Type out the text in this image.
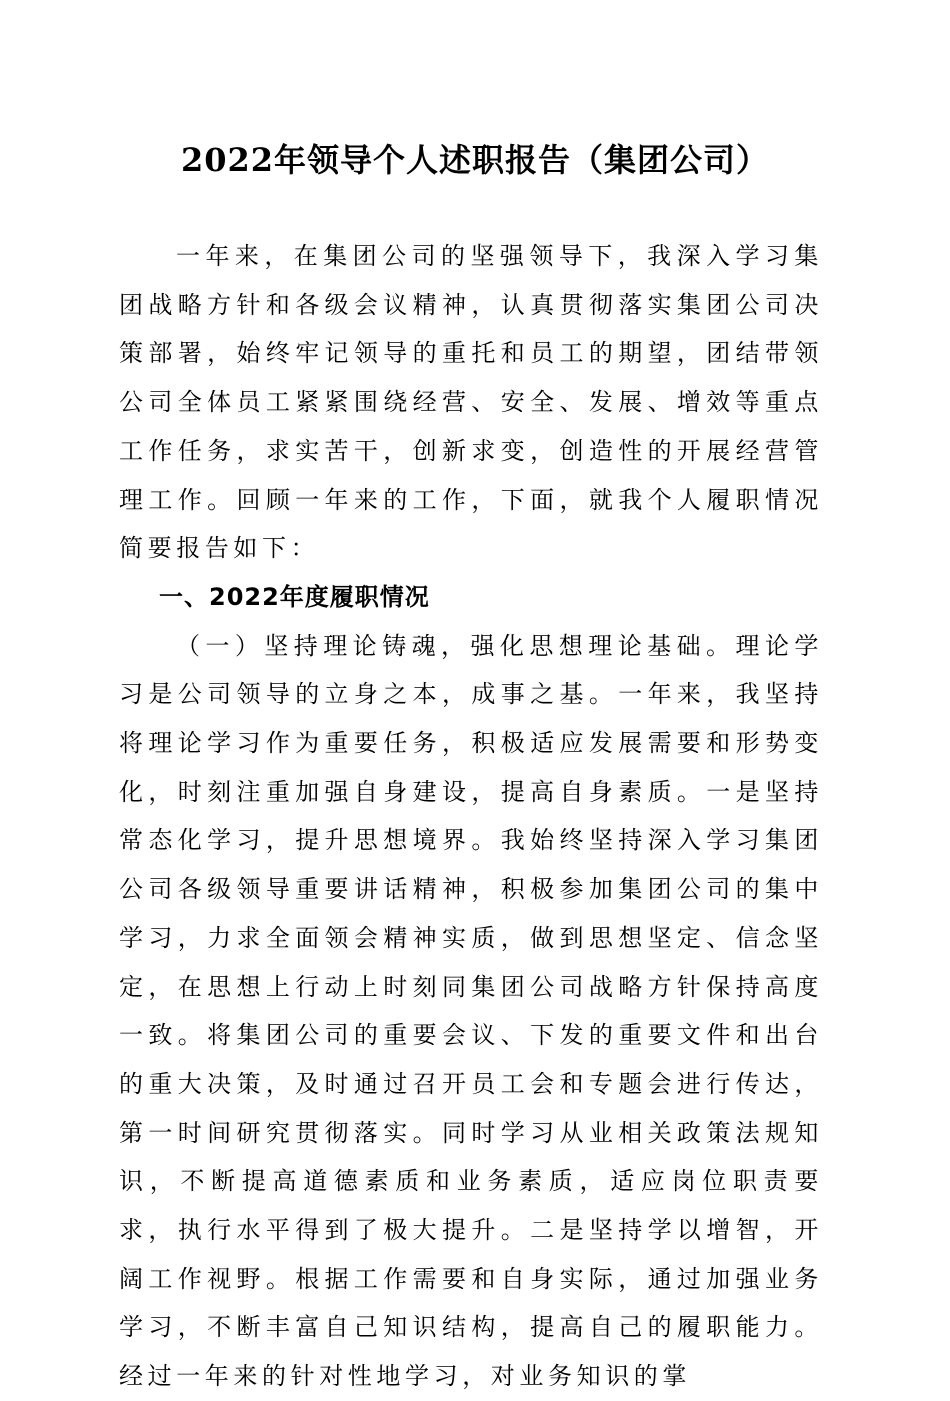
2022年领导个人述职报告（集团公司）

一年来，在集团公司的坚强领导下，我深入学习集团战略方针和各级会议精神，认真贯彻落实集团公司决策部署，始终牢记领导的重托和员工的期望，团结带领公司全体员工紧紧围绕经营、安全、发展、增效等重点工作任务，求实苦干，创新求变，创造性的开展经营管理工作。回顾一年来的工作，下面，就我个人履职情况简要报告如下：

一、2022年度履职情况

（一）坚持理论铸魂，强化思想理论基础。理论学习是公司领导的立身之本，成事之基。一年来，我坚持将理论学习作为重要任务，积极适应发展需要和形势变化，时刻注重加强自身建设，提高自身素质。一是坚持常态化学习，提升思想境界。我始终坚持深入学习集团公司各级领导重要讲话精神，积极参加集团公司的集中学习，力求全面领会精神实质，做到思想坚定、信念坚定，在思想上行动上时刻同集团公司战略方针保持高度一致。将集团公司的重要会议、下发的重要文件和出台的重大决策，及时通过召开员工会和专题会进行传达，第一时间研究贯彻落实。同时学习从业相关政策法规知识，不断提高道德素质和业务素质，适应岗位职责要求，执行水平得到了极大提升。二是坚持学以增智，开阔工作视野。根据工作需要和自身实际，通过加强业务学习，不断丰富自己知识结构，提高自己的履职能力。经过一年来的针对性地学习，对业务知识的掌
